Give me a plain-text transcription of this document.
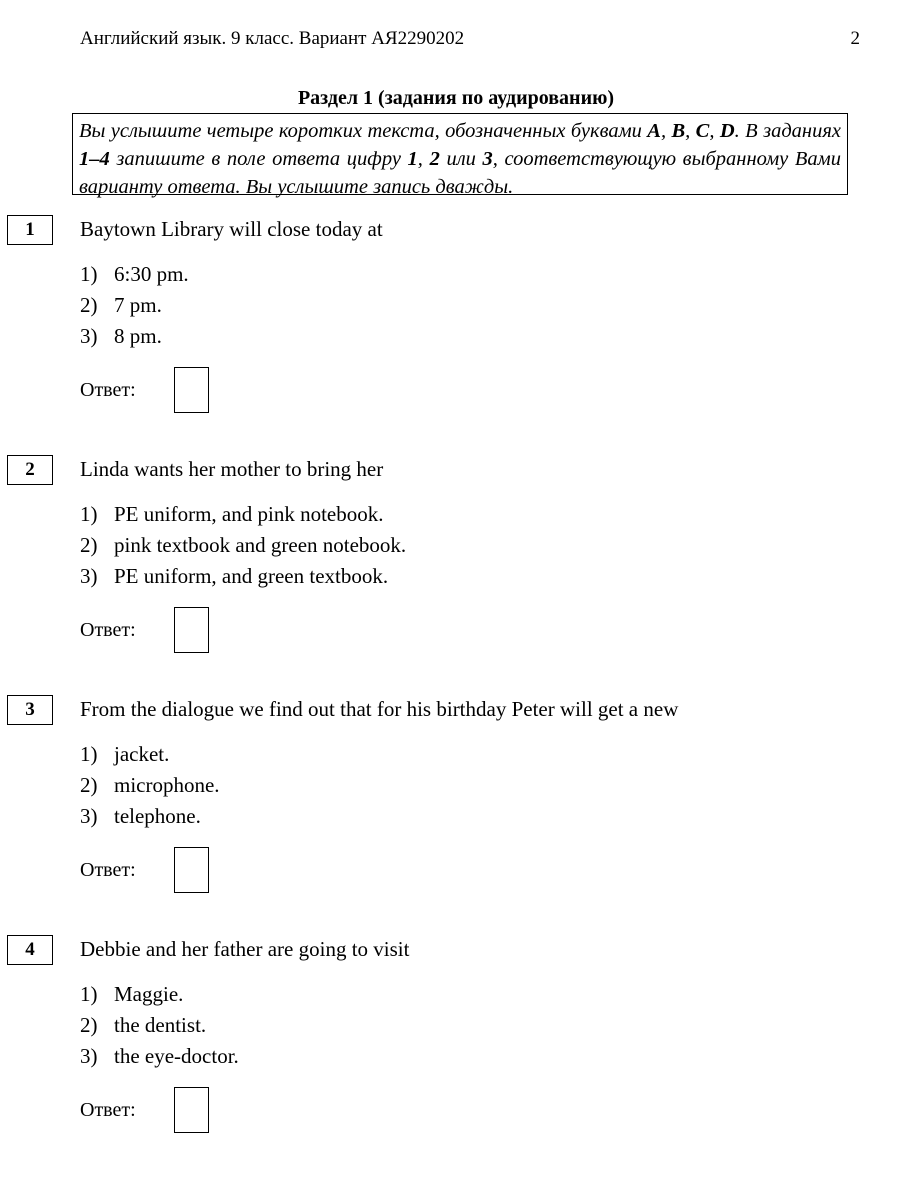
Английский язык. 9 класс. Вариант АЯ2290202	2
Раздел 1 (задания по аудированию)
Вы услышите четыре коротких текста, обозначенных буквами A, B, C, D. В заданиях 1–4 запишите в поле ответа цифру 1, 2 или 3, соответствующую выбранному Вами варианту ответа. Вы услышите запись дважды.
1	Baytown Library will close today at
1) 6:30 pm.
2) 7 pm.
3) 8 pm.
Ответ:
2	Linda wants her mother to bring her
1) PE uniform, and pink notebook.
2) pink textbook and green notebook.
3) PE uniform, and green textbook.
Ответ:
3	From the dialogue we find out that for his birthday Peter will get a new
1) jacket.
2) microphone.
3) telephone.
Ответ:
4	Debbie and her father are going to visit
1) Maggie.
2) the dentist.
3) the eye-doctor.
Ответ:
